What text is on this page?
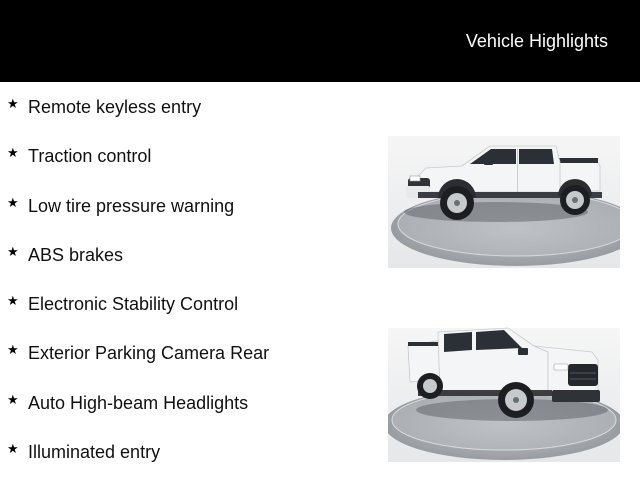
Vehicle Highlights
★ Remote keyless entry
★ Traction control
★ Low tire pressure warning
★ ABS brakes
★ Electronic Stability Control
★ Exterior Parking Camera Rear
★ Auto High-beam Headlights
★ Illuminated entry
